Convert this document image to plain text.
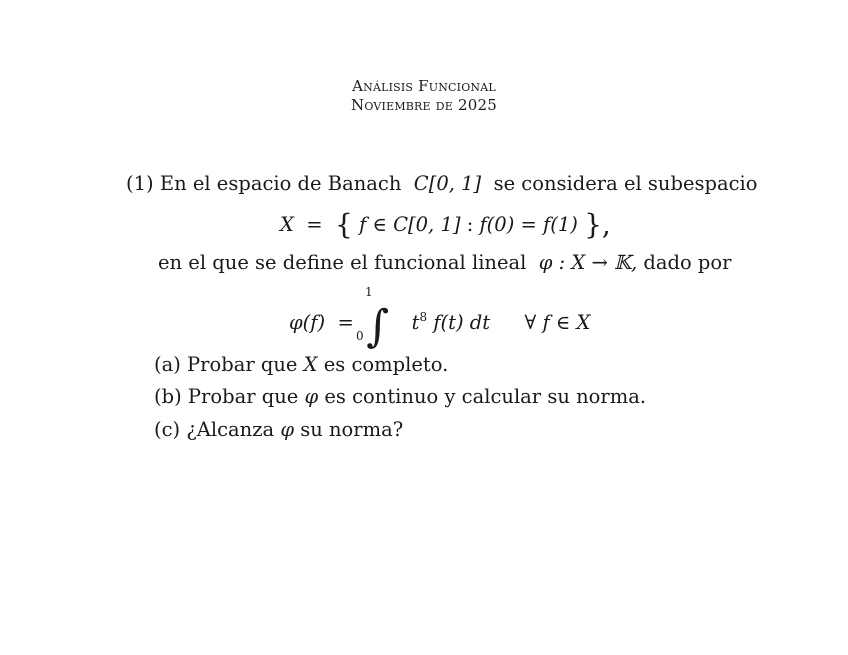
Análisis Funcional
Noviembre de 2025
(1) En el espacio de Banach C[0, 1] se considera el subespacio
X = { f ∈ C[0, 1] : f(0) = f(1) },
en el que se define el funcional lineal φ : X → 𝕂, dado por
φ(f) = ∫ $t^8$ f(t) dt ∀ f ∈ X
1
0
(a) Probar que X es completo.
(b) Probar que φ es continuo y calcular su norma.
(c) ¿Alcanza φ su norma?
